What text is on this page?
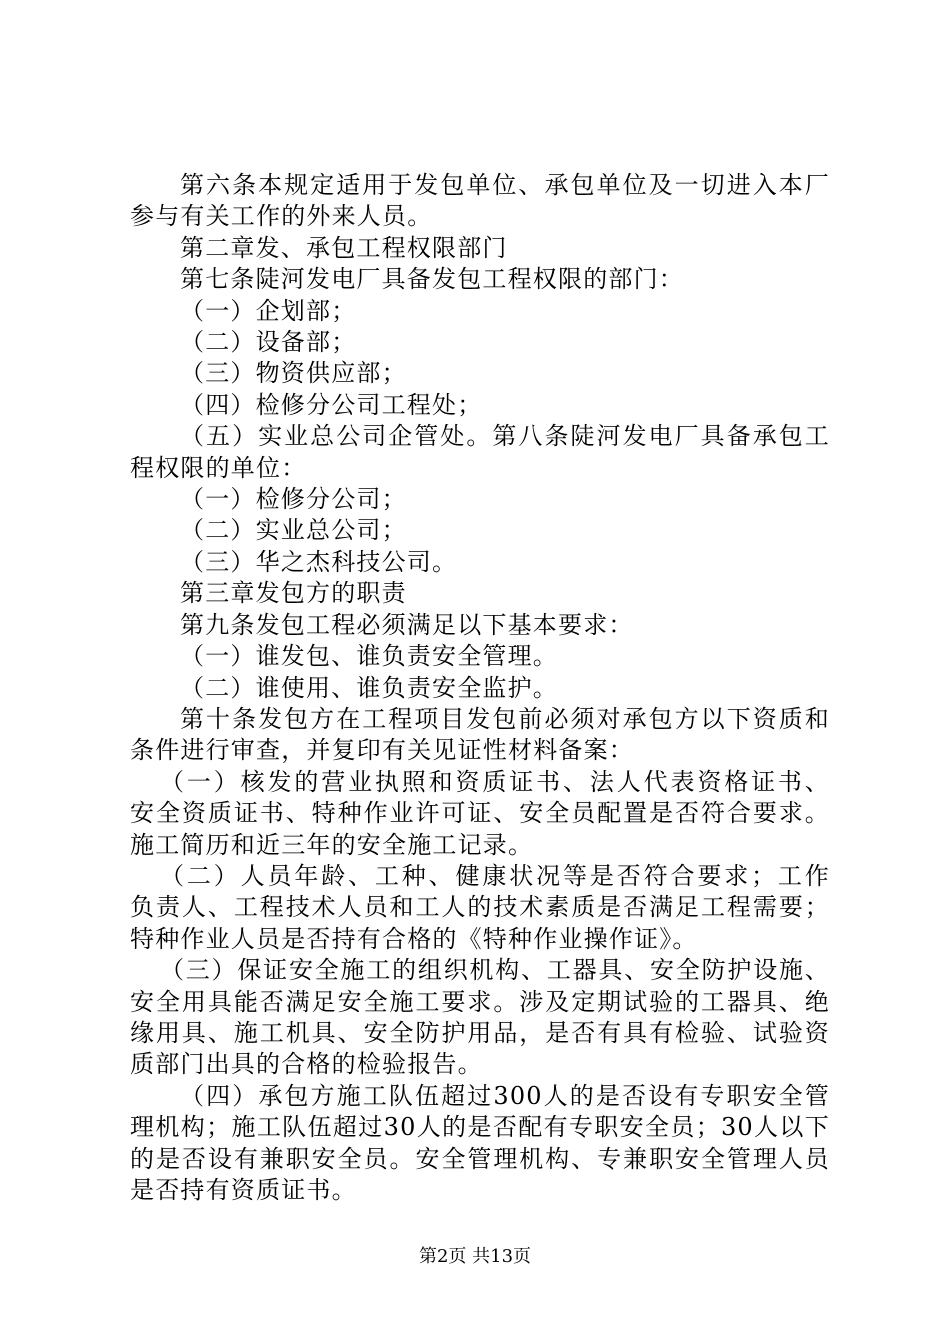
第六条本规定适用于发包单位、承包单位及一切进入本厂
参与有关工作的外来人员。
第二章发、承包工程权限部门
第七条陡河发电厂具备发包工程权限的部门：
（一）企划部；
（二）设备部；
（三）物资供应部；
（四）检修分公司工程处；
（五）实业总公司企管处。第八条陡河发电厂具备承包工
程权限的单位：
（一）检修分公司；
（二）实业总公司；
（三）华之杰科技公司。
第三章发包方的职责
第九条发包工程必须满足以下基本要求：
（一）谁发包、谁负责安全管理。
（二）谁使用、谁负责安全监护。
第十条发包方在工程项目发包前必须对承包方以下资质和
条件进行审查，并复印有关见证性材料备案：
（一）核发的营业执照和资质证书、法人代表资格证书、
安全资质证书、特种作业许可证、安全员配置是否符合要求。
施工简历和近三年的安全施工记录。
（二）人员年龄、工种、健康状况等是否符合要求；工作
负责人、工程技术人员和工人的技术素质是否满足工程需要；
特种作业人员是否持有合格的《特种作业操作证》。
（三）保证安全施工的组织机构、工器具、安全防护设施、
安全用具能否满足安全施工要求。涉及定期试验的工器具、绝
缘用具、施工机具、安全防护用品，是否有具有检验、试验资
质部门出具的合格的检验报告。
（四）承包方施工队伍超过300人的是否设有专职安全管
理机构；施工队伍超过30人的是否配有专职安全员；30人以下
的是否设有兼职安全员。安全管理机构、专兼职安全管理人员
是否持有资质证书。
第2页 共13页
